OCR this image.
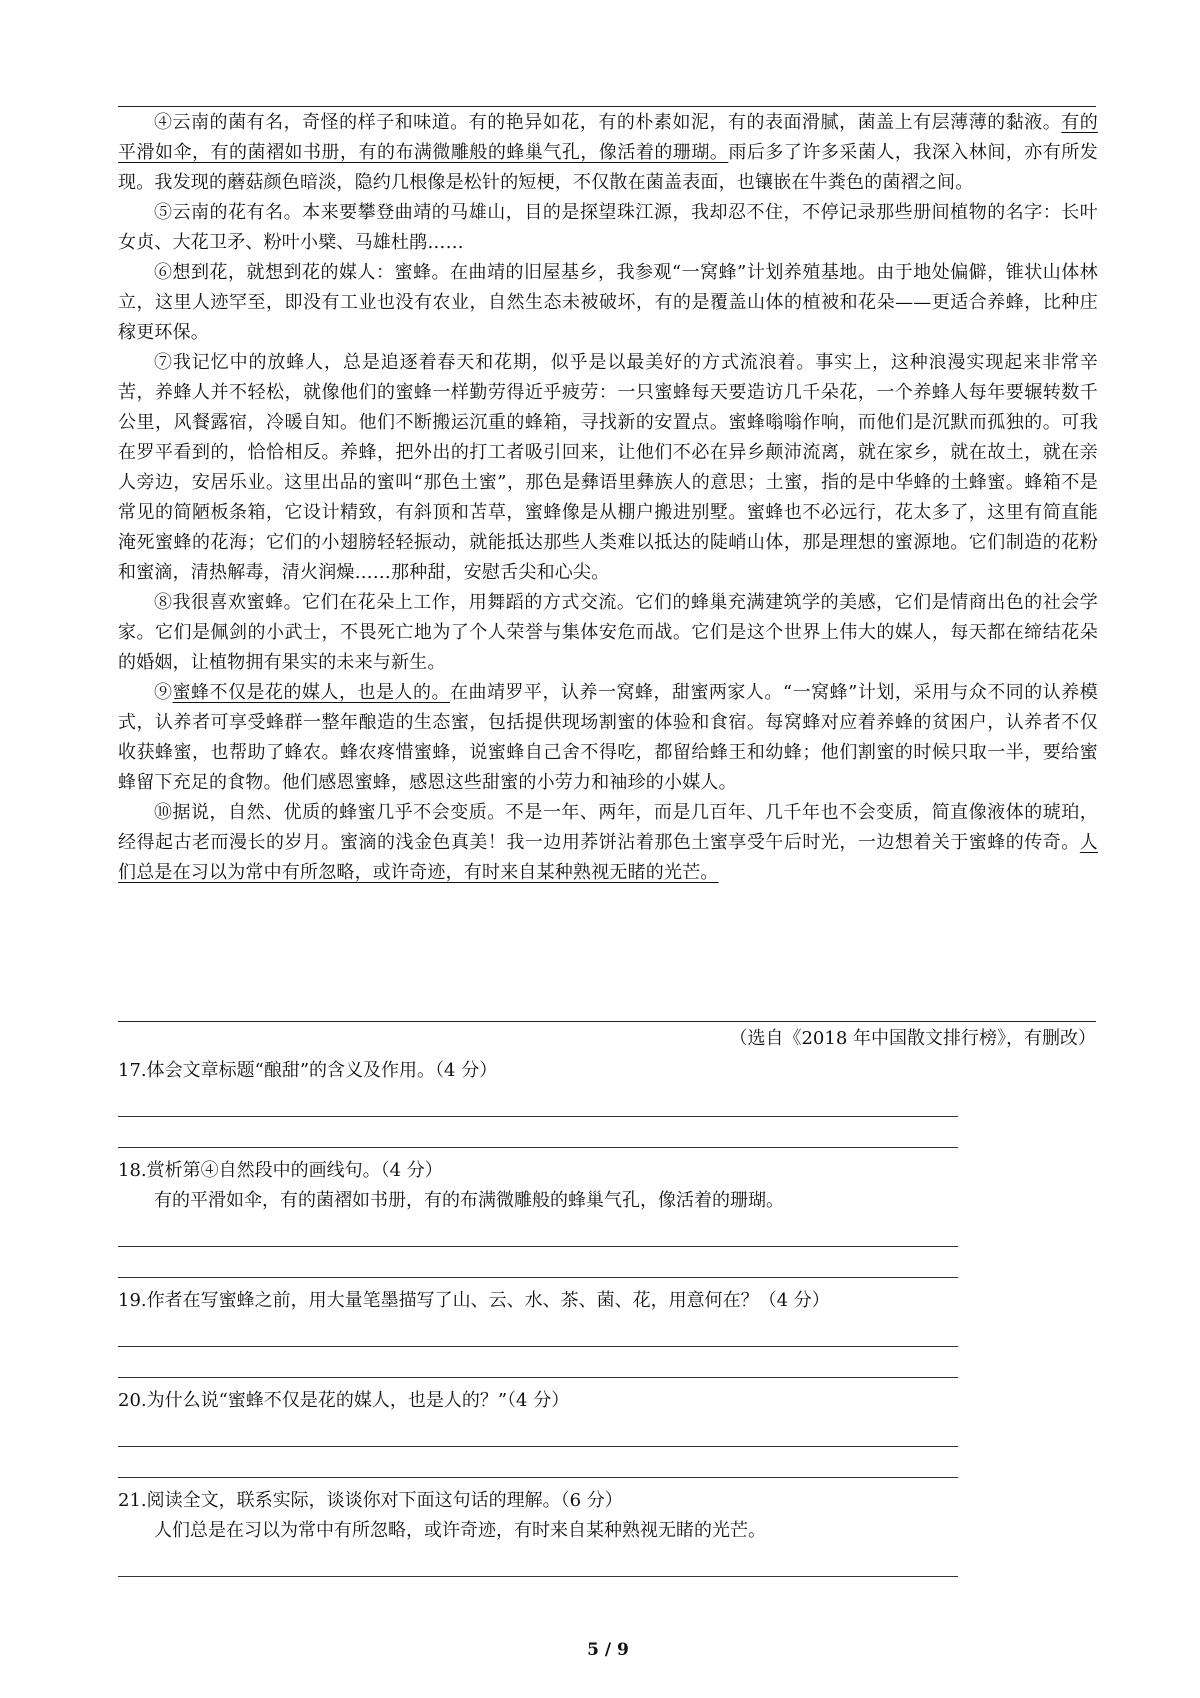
④云南的菌有名，奇怪的样子和味道。有的艳异如花，有的朴素如泥，有的表面滑腻，菌盖上有层薄薄的黏液。有的平滑如伞，有的菌褶如书册，有的布满微雕般的蜂巢气孔，像活着的珊瑚。雨后多了许多采菌人，我深入林间，亦有所发现。我发现的蘑菇颜色暗淡，隐约几根像是松针的短梗，不仅散在菌盖表面，也镶嵌在牛粪色的菌褶之间。

⑤云南的花有名。本来要攀登曲靖的马雄山，目的是探望珠江源，我却忍不住，不停记录那些册间植物的名字：长叶女贞、大花卫矛、粉叶小檗、马雄杜鹃……

⑥想到花，就想到花的媒人：蜜蜂。在曲靖的旧屋基乡，我参观“一窝蜂”计划养殖基地。由于地处偏僻，锥状山体林立，这里人迹罕至，即没有工业也没有农业，自然生态未被破坏，有的是覆盖山体的植被和花朵——更适合养蜂，比种庄稼更环保。

⑦我记忆中的放蜂人，总是追逐着春天和花期，似乎是以最美好的方式流浪着。事实上，这种浪漫实现起来非常辛苦，养蜂人并不轻松，就像他们的蜜蜂一样勤劳得近乎疲劳：一只蜜蜂每天要造访几千朵花，一个养蜂人每年要辗转数千公里，风餐露宿，冷暖自知。他们不断搬运沉重的蜂箱，寻找新的安置点。蜜蜂嗡嗡作响，而他们是沉默而孤独的。可我在罗平看到的，恰恰相反。养蜂，把外出的打工者吸引回来，让他们不必在异乡颠沛流离，就在家乡，就在故土，就在亲人旁边，安居乐业。这里出品的蜜叫“那色土蜜”，那色是彝语里彝族人的意思；土蜜，指的是中华蜂的土蜂蜜。蜂箱不是常见的简陋板条箱，它设计精致，有斜顶和苫草，蜜蜂像是从棚户搬进别墅。蜜蜂也不必远行，花太多了，这里有简直能淹死蜜蜂的花海；它们的小翅膀轻轻振动，就能抵达那些人类难以抵达的陡峭山体，那是理想的蜜源地。它们制造的花粉和蜜滴，清热解毒，清火润燥……那种甜，安慰舌尖和心尖。

⑧我很喜欢蜜蜂。它们在花朵上工作，用舞蹈的方式交流。它们的蜂巢充满建筑学的美感，它们是情商出色的社会学家。它们是佩剑的小武士，不畏死亡地为了个人荣誉与集体安危而战。它们是这个世界上伟大的媒人，每天都在缔结花朵的婚姻，让植物拥有果实的未来与新生。

⑨蜜蜂不仅是花的媒人，也是人的。在曲靖罗平，认养一窝蜂，甜蜜两家人。“一窝蜂”计划，采用与众不同的认养模式，认养者可享受蜂群一整年酿造的生态蜜，包括提供现场割蜜的体验和食宿。每窝蜂对应着养蜂的贫困户，认养者不仅收获蜂蜜，也帮助了蜂农。蜂农疼惜蜜蜂，说蜜蜂自己舍不得吃，都留给蜂王和幼蜂；他们割蜜的时候只取一半，要给蜜蜂留下充足的食物。他们感恩蜜蜂，感恩这些甜蜜的小劳力和袖珍的小媒人。

⑩据说，自然、优质的蜂蜜几乎不会变质。不是一年、两年，而是几百年、几千年也不会变质，简直像液体的琥珀，经得起古老而漫长的岁月。蜜滴的浅金色真美！我一边用荞饼沾着那色土蜜享受午后时光，一边想着关于蜜蜂的传奇。人们总是在习以为常中有所忽略，或许奇迹，有时来自某种熟视无睹的光芒。

（选自《2018 年中国散文排行榜》，有删改）

17.体会文章标题“酿甜”的含义及作用。（4 分）

18.赏析第④自然段中的画线句。（4 分）

有的平滑如伞，有的菌褶如书册，有的布满微雕般的蜂巢气孔，像活着的珊瑚。

19.作者在写蜜蜂之前，用大量笔墨描写了山、云、水、茶、菌、花，用意何在？（4 分）

20.为什么说“蜜蜂不仅是花的媒人，也是人的？”（4 分）

21.阅读全文，联系实际，谈谈你对下面这句话的理解。（6 分）

人们总是在习以为常中有所忽略，或许奇迹，有时来自某种熟视无睹的光芒。

5 / 9
